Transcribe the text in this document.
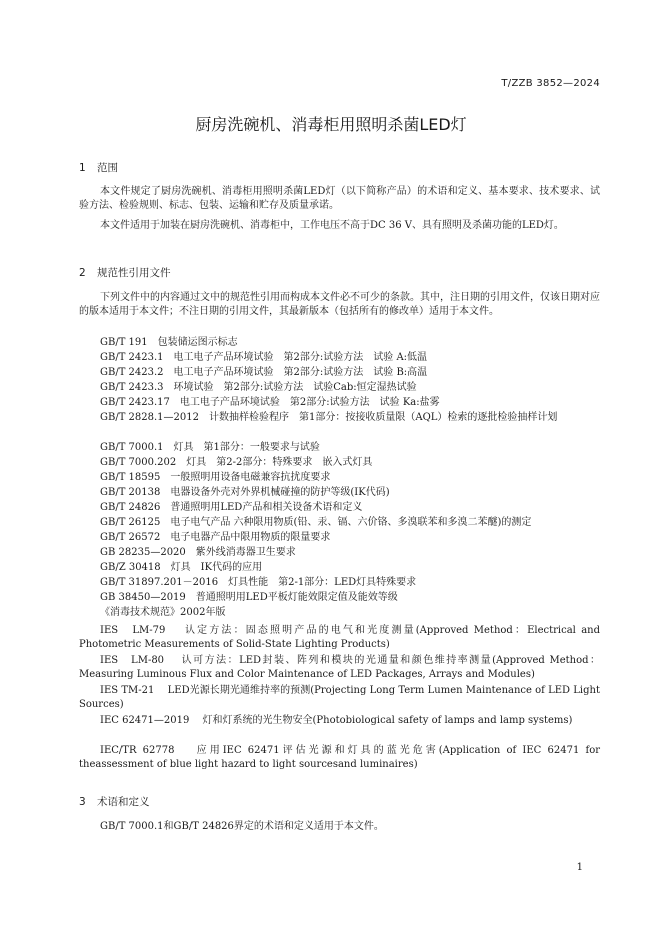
T/ZZB 3852—2024
厨房洗碗机、消毒柜用照明杀菌LED灯
1 范围

本文件规定了厨房洗碗机、消毒柜用照明杀菌LED灯（以下简称产品）的术语和定义、基本要求、技术要求、试验方法、检验规则、标志、包装、运输和贮存及质量承诺。

本文件适用于加装在厨房洗碗机、消毒柜中，工作电压不高于DC 36 V、具有照明及杀菌功能的LED灯。

2 规范性引用文件

下列文件中的内容通过文中的规范性引用而构成本文件必不可少的条款。其中，注日期的引用文件，仅该日期对应的版本适用于本文件；不注日期的引用文件，其最新版本（包括所有的修改单）适用于本文件。

GB/T 191　包装储运图示标志

GB/T 2423.1　电工电子产品环境试验　第2部分:试验方法　试验 A:低温

GB/T 2423.2　电工电子产品环境试验　第2部分:试验方法　试验 B:高温

GB/T 2423.3　环境试验　第2部分:试验方法　试验Cab:恒定湿热试验

GB/T 2423.17　电工电子产品环境试验　第2部分:试验方法　试验 Ka:盐雾

GB/T 2828.1—2012　计数抽样检验程序　第1部分：按接收质量限（AQL）检索的逐批检验抽样计划

GB/T 7000.1　灯具　第1部分：一般要求与试验

GB/T 7000.202　灯具　第2-2部分：特殊要求　嵌入式灯具

GB/T 18595　一般照明用设备电磁兼容抗扰度要求

GB/T 20138　电器设备外壳对外界机械碰撞的防护等级(IK代码)

GB/T 24826　普通照明用LED产品和相关设备术语和定义

GB/T 26125　电子电气产品 六种限用物质(铅、汞、镉、六价铬、多溴联苯和多溴二苯醚)的测定

GB/T 26572　电子电器产品中限用物质的限量要求

GB 28235—2020　紫外线消毒器卫生要求

GB/Z 30418　灯具　IK代码的应用

GB/T 31897.201－2016　灯具性能　第2-1部分：LED灯具特殊要求

GB 38450—2019　普通照明用LED平板灯能效限定值及能效等级

《消毒技术规范》2002年版

IES　LM-79　 认定方法：固态照明产品的电气和光度测量(Approved Method：Electrical and Photometric Measurements of Solid-State Lighting Products)

IES　LM-80　 认可方法：LED封装、阵列和模块的光通量和颜色维持率测量(Approved Method：Measuring Luminous Flux and Color Maintenance of LED Packages, Arrays and Modules)

IES TM-21　 LED光源长期光通维持率的预测(Projecting Long Term Lumen Maintenance of LED Light Sources)

IEC 62471—2019　 灯和灯系统的光生物安全(Photobiological safety of lamps and lamp systems)

IEC/TR 62778　 应用IEC 62471评估光源和灯具的蓝光危害(Application of IEC 62471 for theassessment of blue light hazard to light sourcesand luminaires)

3 术语和定义

GB/T 7000.1和GB/T 24826界定的术语和定义适用于本文件。

1
